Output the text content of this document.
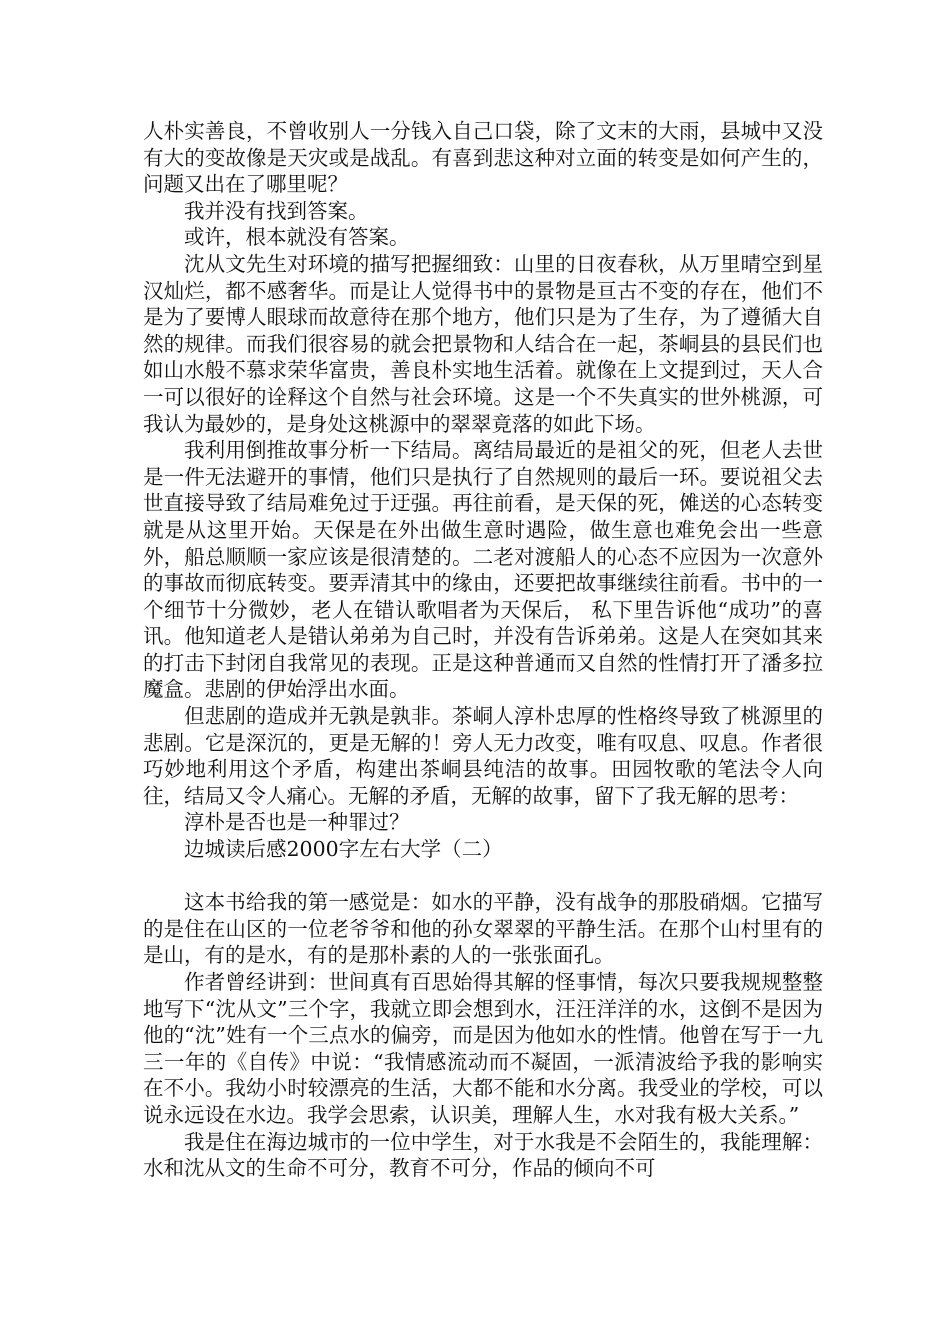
人朴实善良，不曾收别人一分钱入自己口袋，除了文末的大雨，县城中又没有大的变故像是天灾或是战乱。有喜到悲这种对立面的转变是如何产生的，问题又出在了哪里呢？

我并没有找到答案。

或许，根本就没有答案。

沈从文先生对环境的描写把握细致：山里的日夜春秋，从万里晴空到星汉灿烂，都不感奢华。而是让人觉得书中的景物是亘古不变的存在，他们不是为了要博人眼球而故意待在那个地方，他们只是为了生存，为了遵循大自然的规律。而我们很容易的就会把景物和人结合在一起，茶峒县的县民们也如山水般不慕求荣华富贵，善良朴实地生活着。就像在上文提到过，天人合一可以很好的诠释这个自然与社会环境。这是一个不失真实的世外桃源，可我认为最妙的，是身处这桃源中的翠翠竟落的如此下场。

我利用倒推故事分析一下结局。离结局最近的是祖父的死，但老人去世是一件无法避开的事情，他们只是执行了自然规则的最后一环。要说祖父去世直接导致了结局难免过于迂强。再往前看，是天保的死，傩送的心态转变就是从这里开始。天保是在外出做生意时遇险，做生意也难免会出一些意外，船总顺顺一家应该是很清楚的。二老对渡船人的心态不应因为一次意外的事故而彻底转变。要弄清其中的缘由，还要把故事继续往前看。书中的一个细节十分微妙，老人在错认歌唱者为天保后， 私下里告诉他“成功”的喜讯。他知道老人是错认弟弟为自己时，并没有告诉弟弟。这是人在突如其来的打击下封闭自我常见的表现。正是这种普通而又自然的性情打开了潘多拉魔盒。悲剧的伊始浮出水面。

但悲剧的造成并无孰是孰非。茶峒人淳朴忠厚的性格终导致了桃源里的悲剧。它是深沉的，更是无解的！旁人无力改变，唯有叹息、叹息。作者很巧妙地利用这个矛盾，构建出茶峒县纯洁的故事。田园牧歌的笔法令人向往，结局又令人痛心。无解的矛盾，无解的故事，留下了我无解的思考：

淳朴是否也是一种罪过？

边城读后感2000字左右大学（二）

这本书给我的第一感觉是：如水的平静，没有战争的那股硝烟。它描写的是住在山区的一位老爷爷和他的孙女翠翠的平静生活。在那个山村里有的是山，有的是水，有的是那朴素的人的一张张面孔。

作者曾经讲到：世间真有百思始得其解的怪事情，每次只要我规规整整地写下“沈从文”三个字，我就立即会想到水，汪汪洋洋的水，这倒不是因为他的“沈”姓有一个三点水的偏旁，而是因为他如水的性情。他曾在写于一九三一年的《自传》中说：“我情感流动而不凝固，一派清波给予我的影响实在不小。我幼小时较漂亮的生活，大都不能和水分离。我受业的学校，可以说永远设在水边。我学会思索，认识美，理解人生，水对我有极大关系。”

我是住在海边城市的一位中学生，对于水我是不会陌生的，我能理解：水和沈从文的生命不可分，教育不可分，作品的倾向不可
